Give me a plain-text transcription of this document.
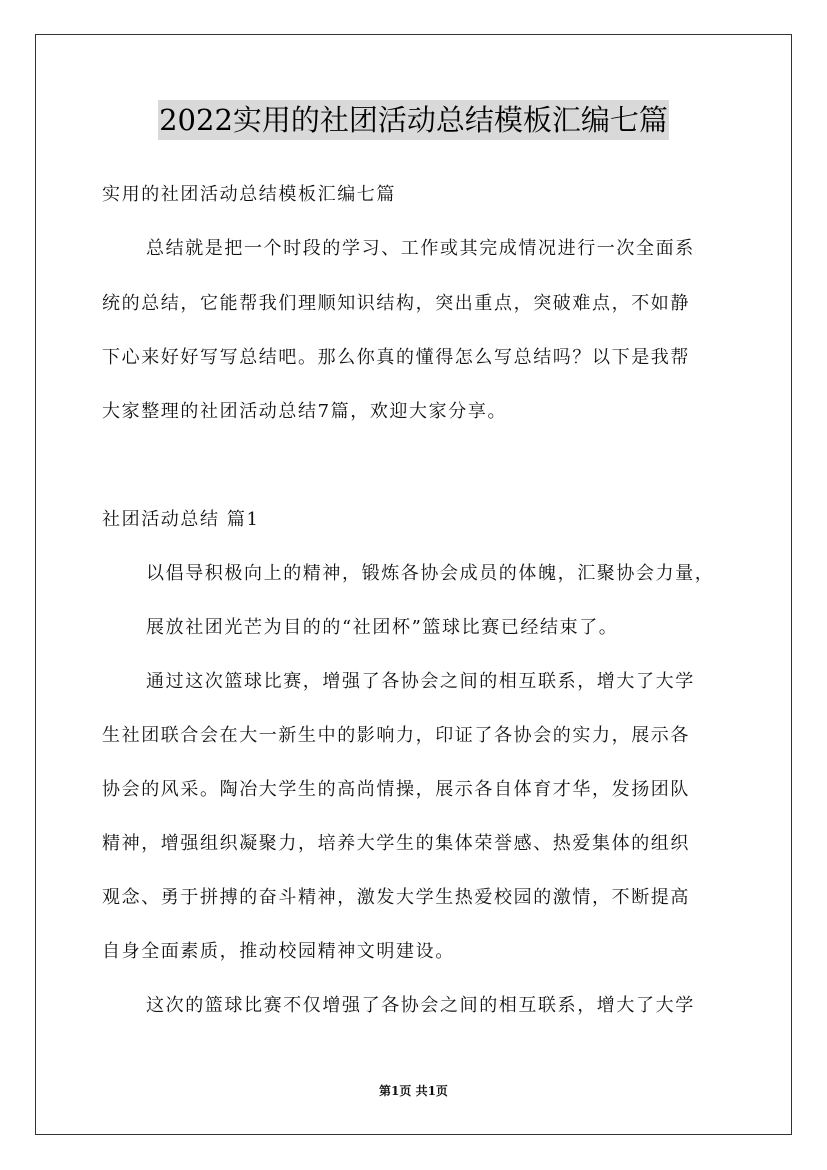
2022实用的社团活动总结模板汇编七篇
实用的社团活动总结模板汇编七篇
总结就是把一个时段的学习、工作或其完成情况进行一次全面系
统的总结，它能帮我们理顺知识结构，突出重点，突破难点，不如静
下心来好好写写总结吧。那么你真的懂得怎么写总结吗？以下是我帮
大家整理的社团活动总结7篇，欢迎大家分享。
社团活动总结 篇1
以倡导积极向上的精神，锻炼各协会成员的体魄，汇聚协会力量，
展放社团光芒为目的的“社团杯”篮球比赛已经结束了。
通过这次篮球比赛，增强了各协会之间的相互联系，增大了大学
生社团联合会在大一新生中的影响力，印证了各协会的实力，展示各
协会的风采。陶冶大学生的高尚情操，展示各自体育才华，发扬团队
精神，增强组织凝聚力，培养大学生的集体荣誉感、热爱集体的组织
观念、勇于拼搏的奋斗精神，激发大学生热爱校园的激情，不断提高
自身全面素质，推动校园精神文明建设。
这次的篮球比赛不仅增强了各协会之间的相互联系，增大了大学
第1页 共1页
